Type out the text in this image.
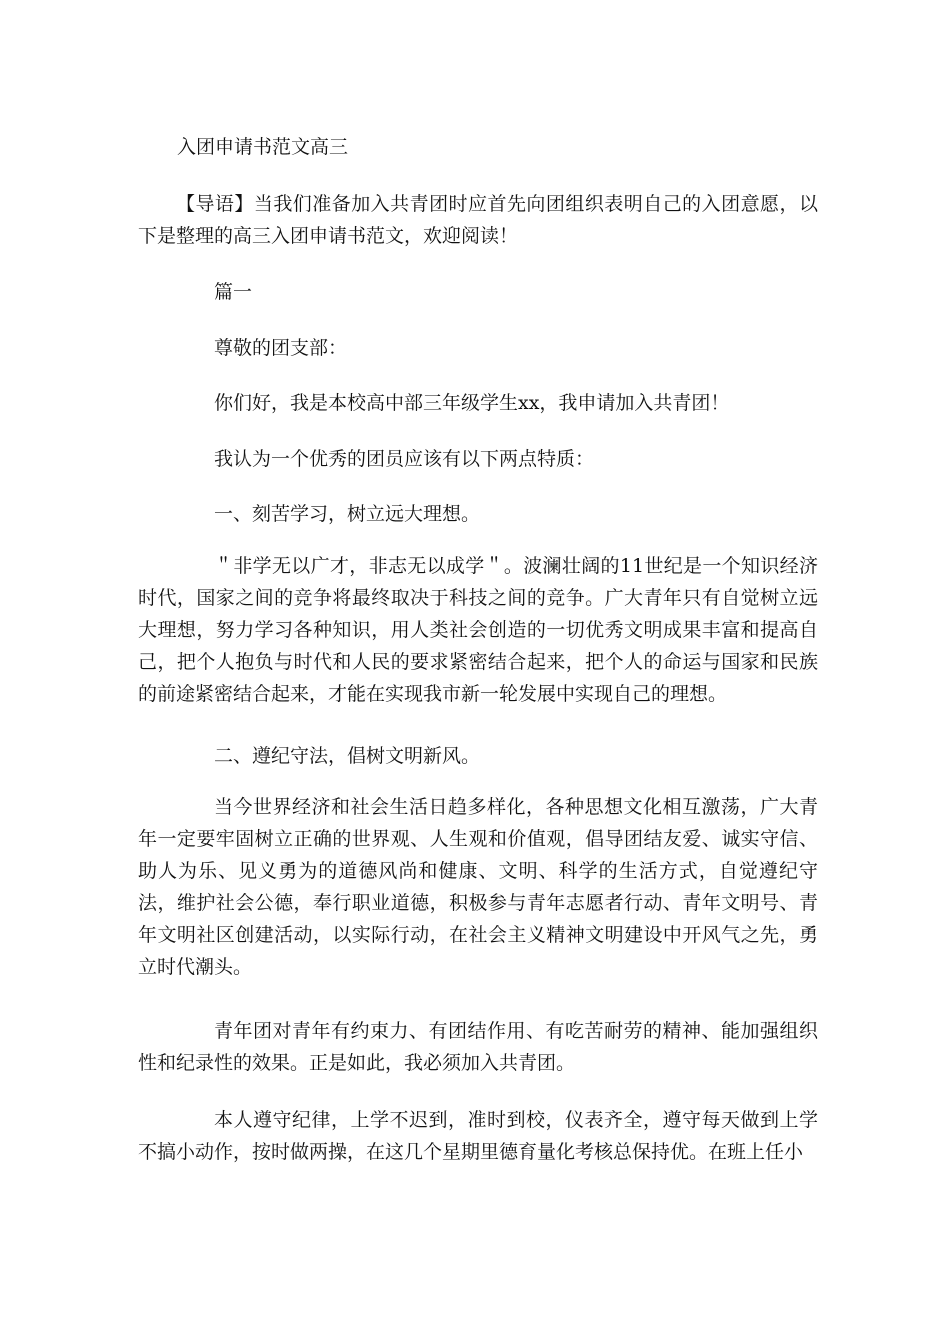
入团申请书范文高三

【导语】当我们准备加入共青团时应首先向团组织表明自己的入团意愿，以下是整理的高三入团申请书范文，欢迎阅读！

篇一
尊敬的团支部：
你们好，我是本校高中部三年级学生xx，我申请加入共青团！
我认为一个优秀的团员应该有以下两点特质：
一、刻苦学习，树立远大理想。

＂非学无以广才，非志无以成学＂。波澜壮阔的11世纪是一个知识经济时代，国家之间的竞争将最终取决于科技之间的竞争。广大青年只有自觉树立远大理想，努力学习各种知识，用人类社会创造的一切优秀文明成果丰富和提高自己，把个人抱负与时代和人民的要求紧密结合起来，把个人的命运与国家和民族的前途紧密结合起来，才能在实现我市新一轮发展中实现自己的理想。

二、遵纪守法，倡树文明新风。

当今世界经济和社会生活日趋多样化，各种思想文化相互激荡，广大青年一定要牢固树立正确的世界观、人生观和价值观，倡导团结友爱、诚实守信、助人为乐、见义勇为的道德风尚和健康、文明、科学的生活方式，自觉遵纪守法，维护社会公德，奉行职业道德，积极参与青年志愿者行动、青年文明号、青年文明社区创建活动，以实际行动，在社会主义精神文明建设中开风气之先，勇立时代潮头。

青年团对青年有约束力、有团结作用、有吃苦耐劳的精神、能加强组织性和纪录性的效果。正是如此，我必须加入共青团。

本人遵守纪律，上学不迟到，准时到校，仪表齐全，遵守每天做到上学不搞小动作，按时做两操，在这几个星期里德育量化考核总保持优。在班上任小
